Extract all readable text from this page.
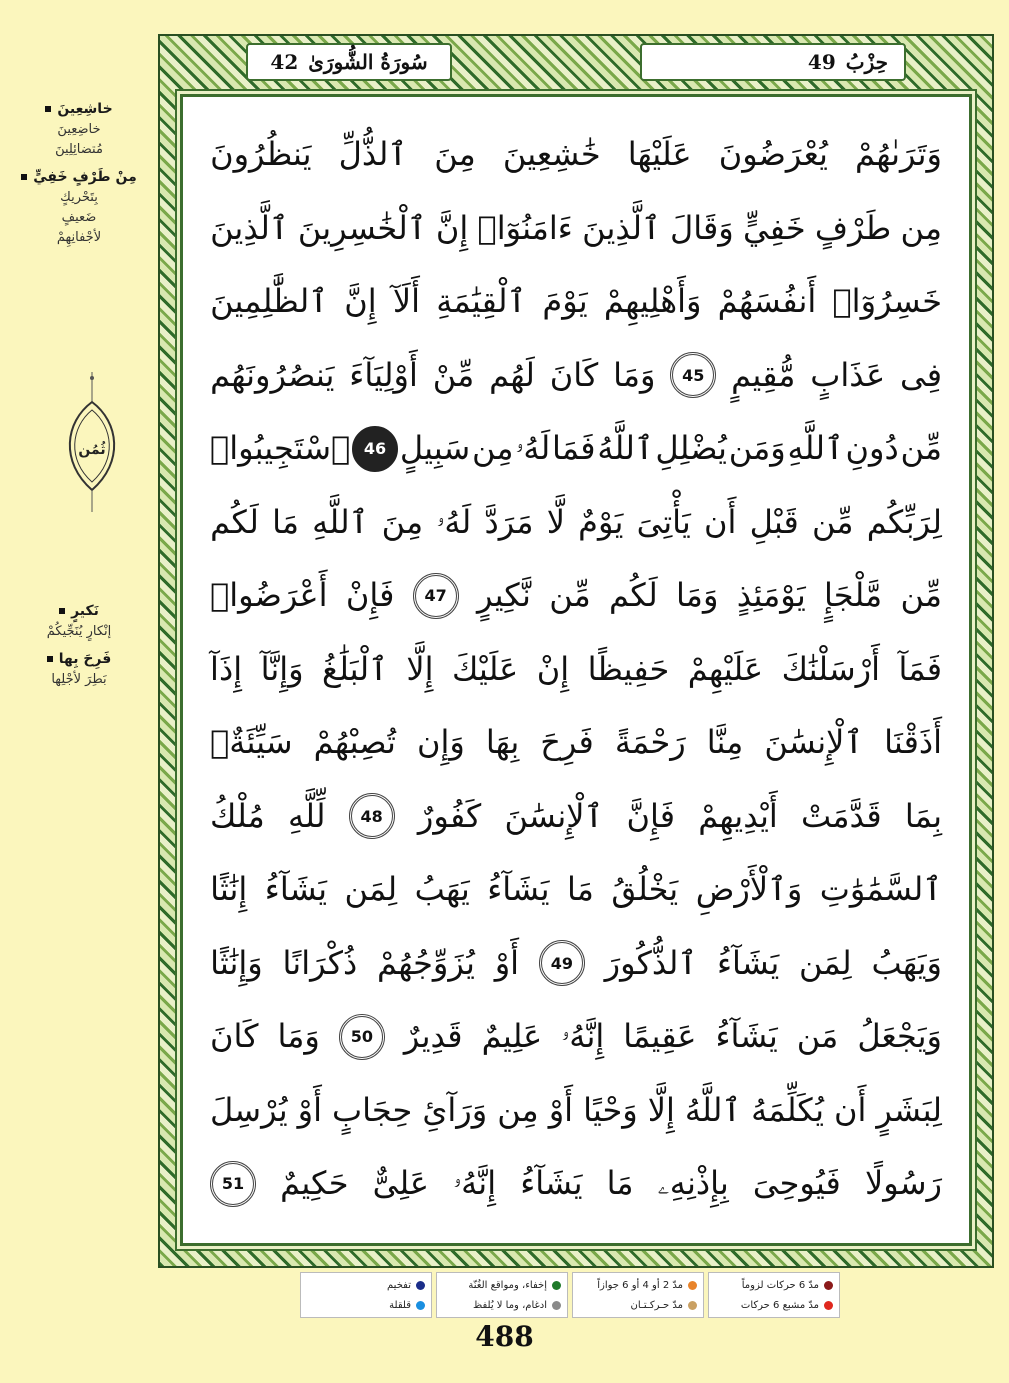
خاشِعِينَ
خاضِعِينَ
مُتضائِلِينَ
مِنْ طَرْفٍ خَفِيٍّ
بِتَحْريكٍ
ضَعيفٍ
لأجْفانِهِمْ
ثُمُن
نَكيرٍ
إنْكارٍ يُنَجِّيكُمْ
فَرِحَ بِها
بَطِرَ لأجْلِها
سُورَةُ الشُّورَىٰ
42	حِزْبُ
49
وَتَرَىٰهُمْ
يُعْرَضُونَ
عَلَيْهَا
خَٰشِعِينَ
مِنَ
ٱلذُّلِّ
يَنظُرُونَ
مِن
طَرْفٍ
خَفِيٍّ
وَقَالَ
ٱلَّذِينَ
ءَامَنُوٓا۟
إِنَّ
ٱلْخَٰسِرِينَ
ٱلَّذِينَ
خَسِرُوٓا۟
أَنفُسَهُمْ
وَأَهْلِيهِمْ
يَوْمَ
ٱلْقِيَٰمَةِ
أَلَآ
إِنَّ
ٱلظَّٰلِمِينَ
فِى
عَذَابٍ
مُّقِيمٍ
45
وَمَا
كَانَ
لَهُم
مِّنْ
أَوْلِيَآءَ
يَنصُرُونَهُم
مِّن
دُونِ
ٱللَّهِ
وَمَن
يُضْلِلِ
ٱللَّهُ
فَمَا
لَهُۥ
مِن
سَبِيلٍ
46
ٱسْتَجِيبُوا۟
لِرَبِّكُم
مِّن
قَبْلِ
أَن
يَأْتِىَ
يَوْمٌ
لَّا
مَرَدَّ
لَهُۥ
مِنَ
ٱللَّهِ
مَا
لَكُم
مِّن
مَّلْجَإٍ
يَوْمَئِذٍ
وَمَا
لَكُم
مِّن
نَّكِيرٍ
47
فَإِنْ
أَعْرَضُوا۟
فَمَآ
أَرْسَلْنَٰكَ
عَلَيْهِمْ
حَفِيظًا
إِنْ
عَلَيْكَ
إِلَّا
ٱلْبَلَٰغُ
وَإِنَّآ
إِذَآ
أَذَقْنَا
ٱلْإِنسَٰنَ
مِنَّا
رَحْمَةً
فَرِحَ
بِهَا
وَإِن
تُصِبْهُمْ
سَيِّئَةٌۢ
بِمَا
قَدَّمَتْ
أَيْدِيهِمْ
فَإِنَّ
ٱلْإِنسَٰنَ
كَفُورٌ
48
لِّلَّهِ
مُلْكُ
ٱلسَّمَٰوَٰتِ
وَٱلْأَرْضِ
يَخْلُقُ
مَا
يَشَآءُ
يَهَبُ
لِمَن
يَشَآءُ
إِنَٰثًا
وَيَهَبُ
لِمَن
يَشَآءُ
ٱلذُّكُورَ
49
أَوْ
يُزَوِّجُهُمْ
ذُكْرَانًا
وَإِنَٰثًا
وَيَجْعَلُ
مَن
يَشَآءُ
عَقِيمًا
إِنَّهُۥ
عَلِيمٌ
قَدِيرٌ
50
وَمَا
كَانَ
لِبَشَرٍ
أَن
يُكَلِّمَهُ
ٱللَّهُ
إِلَّا
وَحْيًا
أَوْ
مِن
وَرَآئِ
حِجَابٍ
أَوْ
يُرْسِلَ
رَسُولًا
فَيُوحِىَ
بِإِذْنِهِۦ
مَا
يَشَآءُ
إِنَّهُۥ
عَلِىٌّ
حَكِيمٌ
51
مدّ 6 حركات لزوماً
مدّ مشبع 6 حركات
مدّ 2 أو 4 أو 6 جوازاً
مدّ حـركـتـان
إخفاء، ومواقع الغُنّة
ادغام، وما لا يُلفظ
تفخيم
قلقلة
488
